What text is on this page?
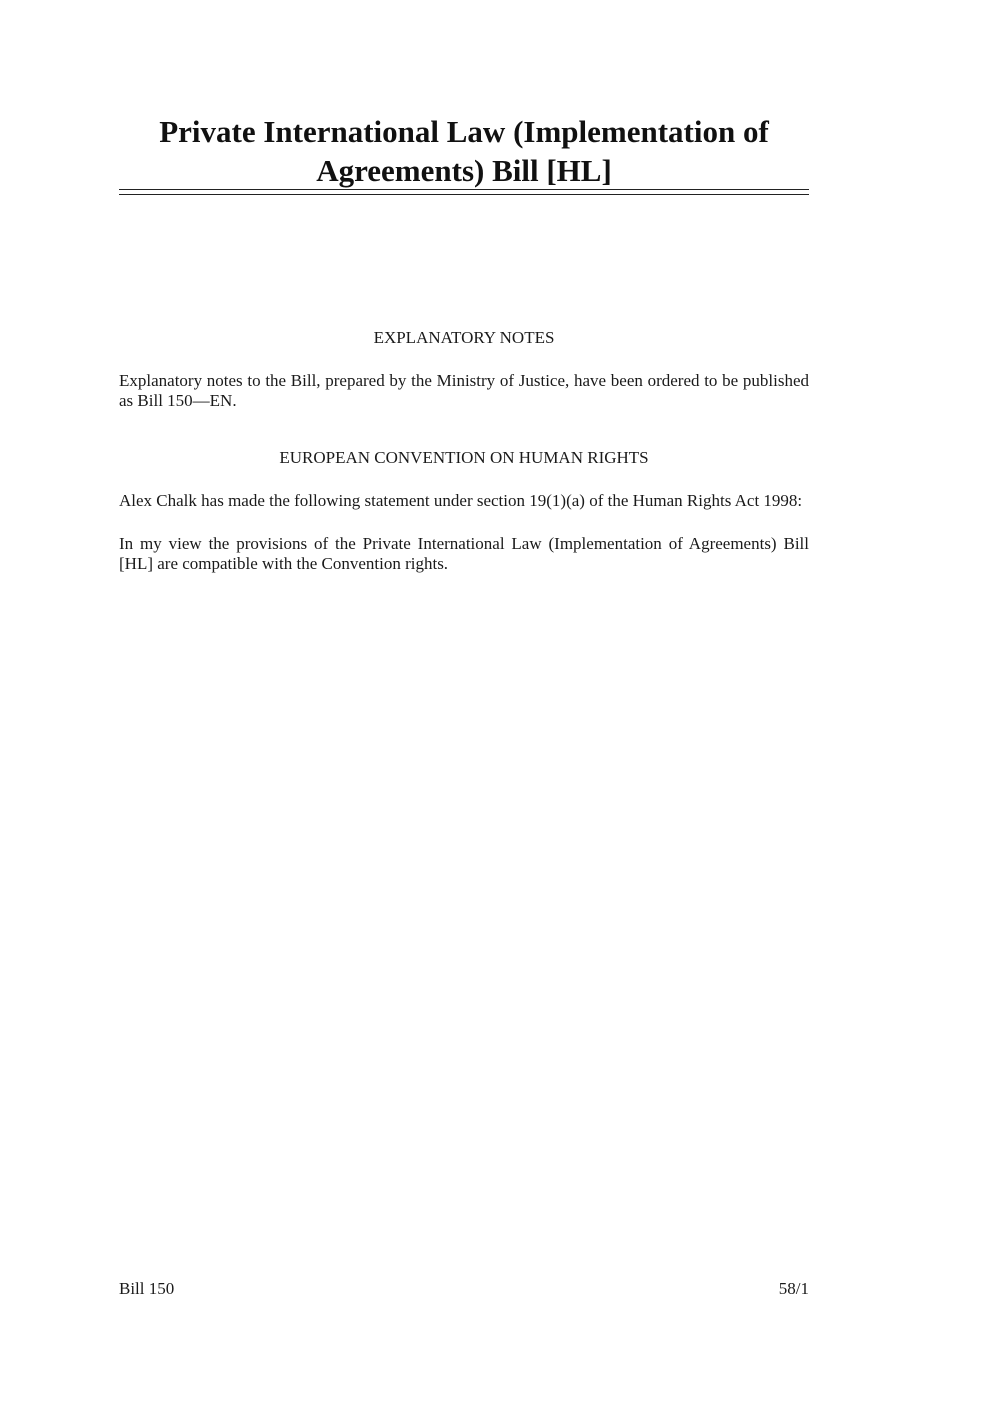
Private International Law (Implementation of
Agreements) Bill [HL]
EXPLANATORY NOTES

Explanatory notes to the Bill, prepared by the Ministry of Justice, have been ordered to be published as Bill 150—EN.

EUROPEAN CONVENTION ON HUMAN RIGHTS

Alex Chalk has made the following statement under section 19(1)(a) of the Human Rights Act 1998:

In my view the provisions of the Private International Law (Implementation of Agreements) Bill [HL] are compatible with the Convention rights.

Bill 150	58/1
